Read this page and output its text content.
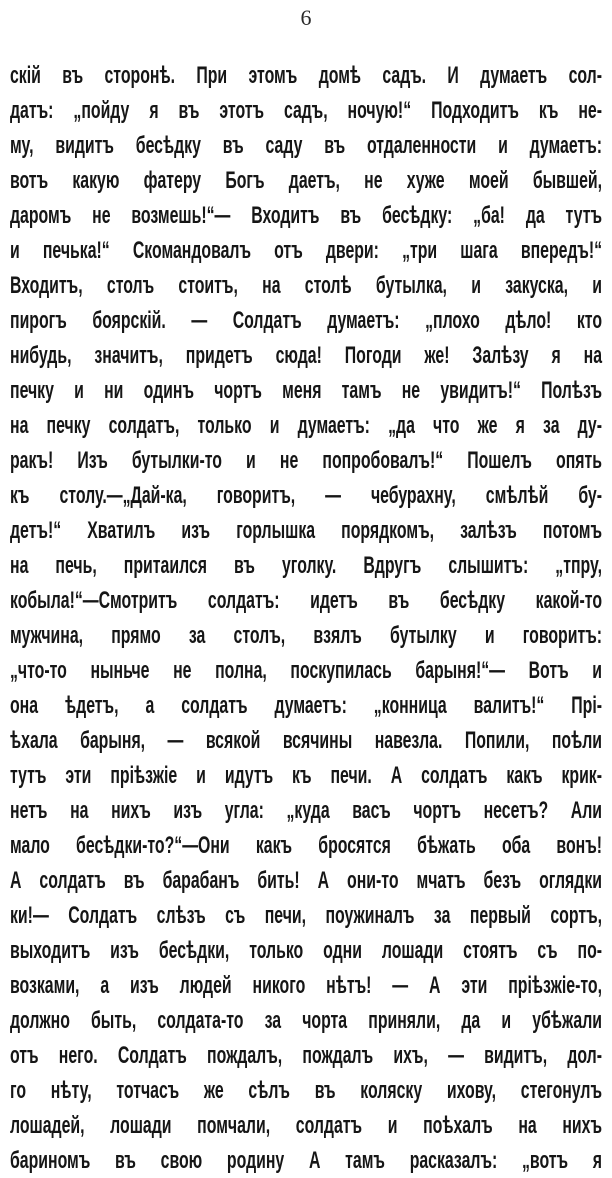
6
скій въ сторонѣ. При этомъ домѣ садъ. И думаетъ сол-
датъ: „пойду я въ этотъ садъ, ночую!“ Подходитъ къ не-
му, видитъ бесѣдку въ саду въ отдаленности и думаетъ:
вотъ какую фатеру Богъ даетъ, не хуже моей бывшей,
даромъ не возмешь!“— Входитъ въ бесѣдку: „ба! да тутъ
и печька!“ Скомандовалъ отъ двери: „три шага впередъ!“
Входитъ, столъ стоитъ, на столѣ бутылка, и закуска, и
пирогъ боярскій. — Солдатъ думаетъ: „плохо дѣло! кто
нибудь, значитъ, придетъ сюда! Погоди же! Залѣзу я на
печку и ни одинъ чортъ меня тамъ не увидитъ!“ Полѣзъ
на печку солдатъ, только и думаетъ: „да что же я за ду-
ракъ! Изъ бутылки-то и не попробовалъ!“ Пошелъ опять
къ столу.—„Дай-ка, говоритъ, — чебурахну, смѣлѣй бу-
детъ!“ Хватилъ изъ горлышка порядкомъ, залѣзъ потомъ
на печь, притаился въ уголку. Вдругъ слышитъ: „тпру,
кобыла!“—Смотритъ солдатъ: идетъ въ бесѣдку какой-то
мужчина, прямо за столъ, взялъ бутылку и говоритъ:
„что-то ныньче не полна, поскупилась барыня!“— Вотъ и
она ѣдетъ, а солдатъ думаетъ: „конница валитъ!“ Прі-
ѣхала барыня, — всякой всячины навезла. Попили, поѣли
тутъ эти пріѣзжіе и идутъ къ печи. А солдатъ какъ крик-
нетъ на нихъ изъ угла: „куда васъ чортъ несетъ? Али
мало бесѣдки-то?“—Они какъ бросятся бѣжать оба вонъ!
А солдатъ въ барабанъ бить! А они-то мчатъ безъ оглядки
ки!— Солдатъ слѣзъ съ печи, поужиналъ за первый сортъ,
выходитъ изъ бесѣдки, только одни лошади стоятъ съ по-
возками, а изъ людей никого нѣтъ! — А эти пріѣзжіе-то,
должно быть, солдата-то за чорта приняли, да и убѣжали
отъ него. Солдатъ пождалъ, пождалъ ихъ, — видитъ, дол-
го нѣту, тотчасъ же сѣлъ въ коляску ихову, стегонулъ
лошадей, лошади помчали, солдатъ и поѣхалъ на нихъ
бариномъ въ свою родину А тамъ расказалъ: „вотъ я
